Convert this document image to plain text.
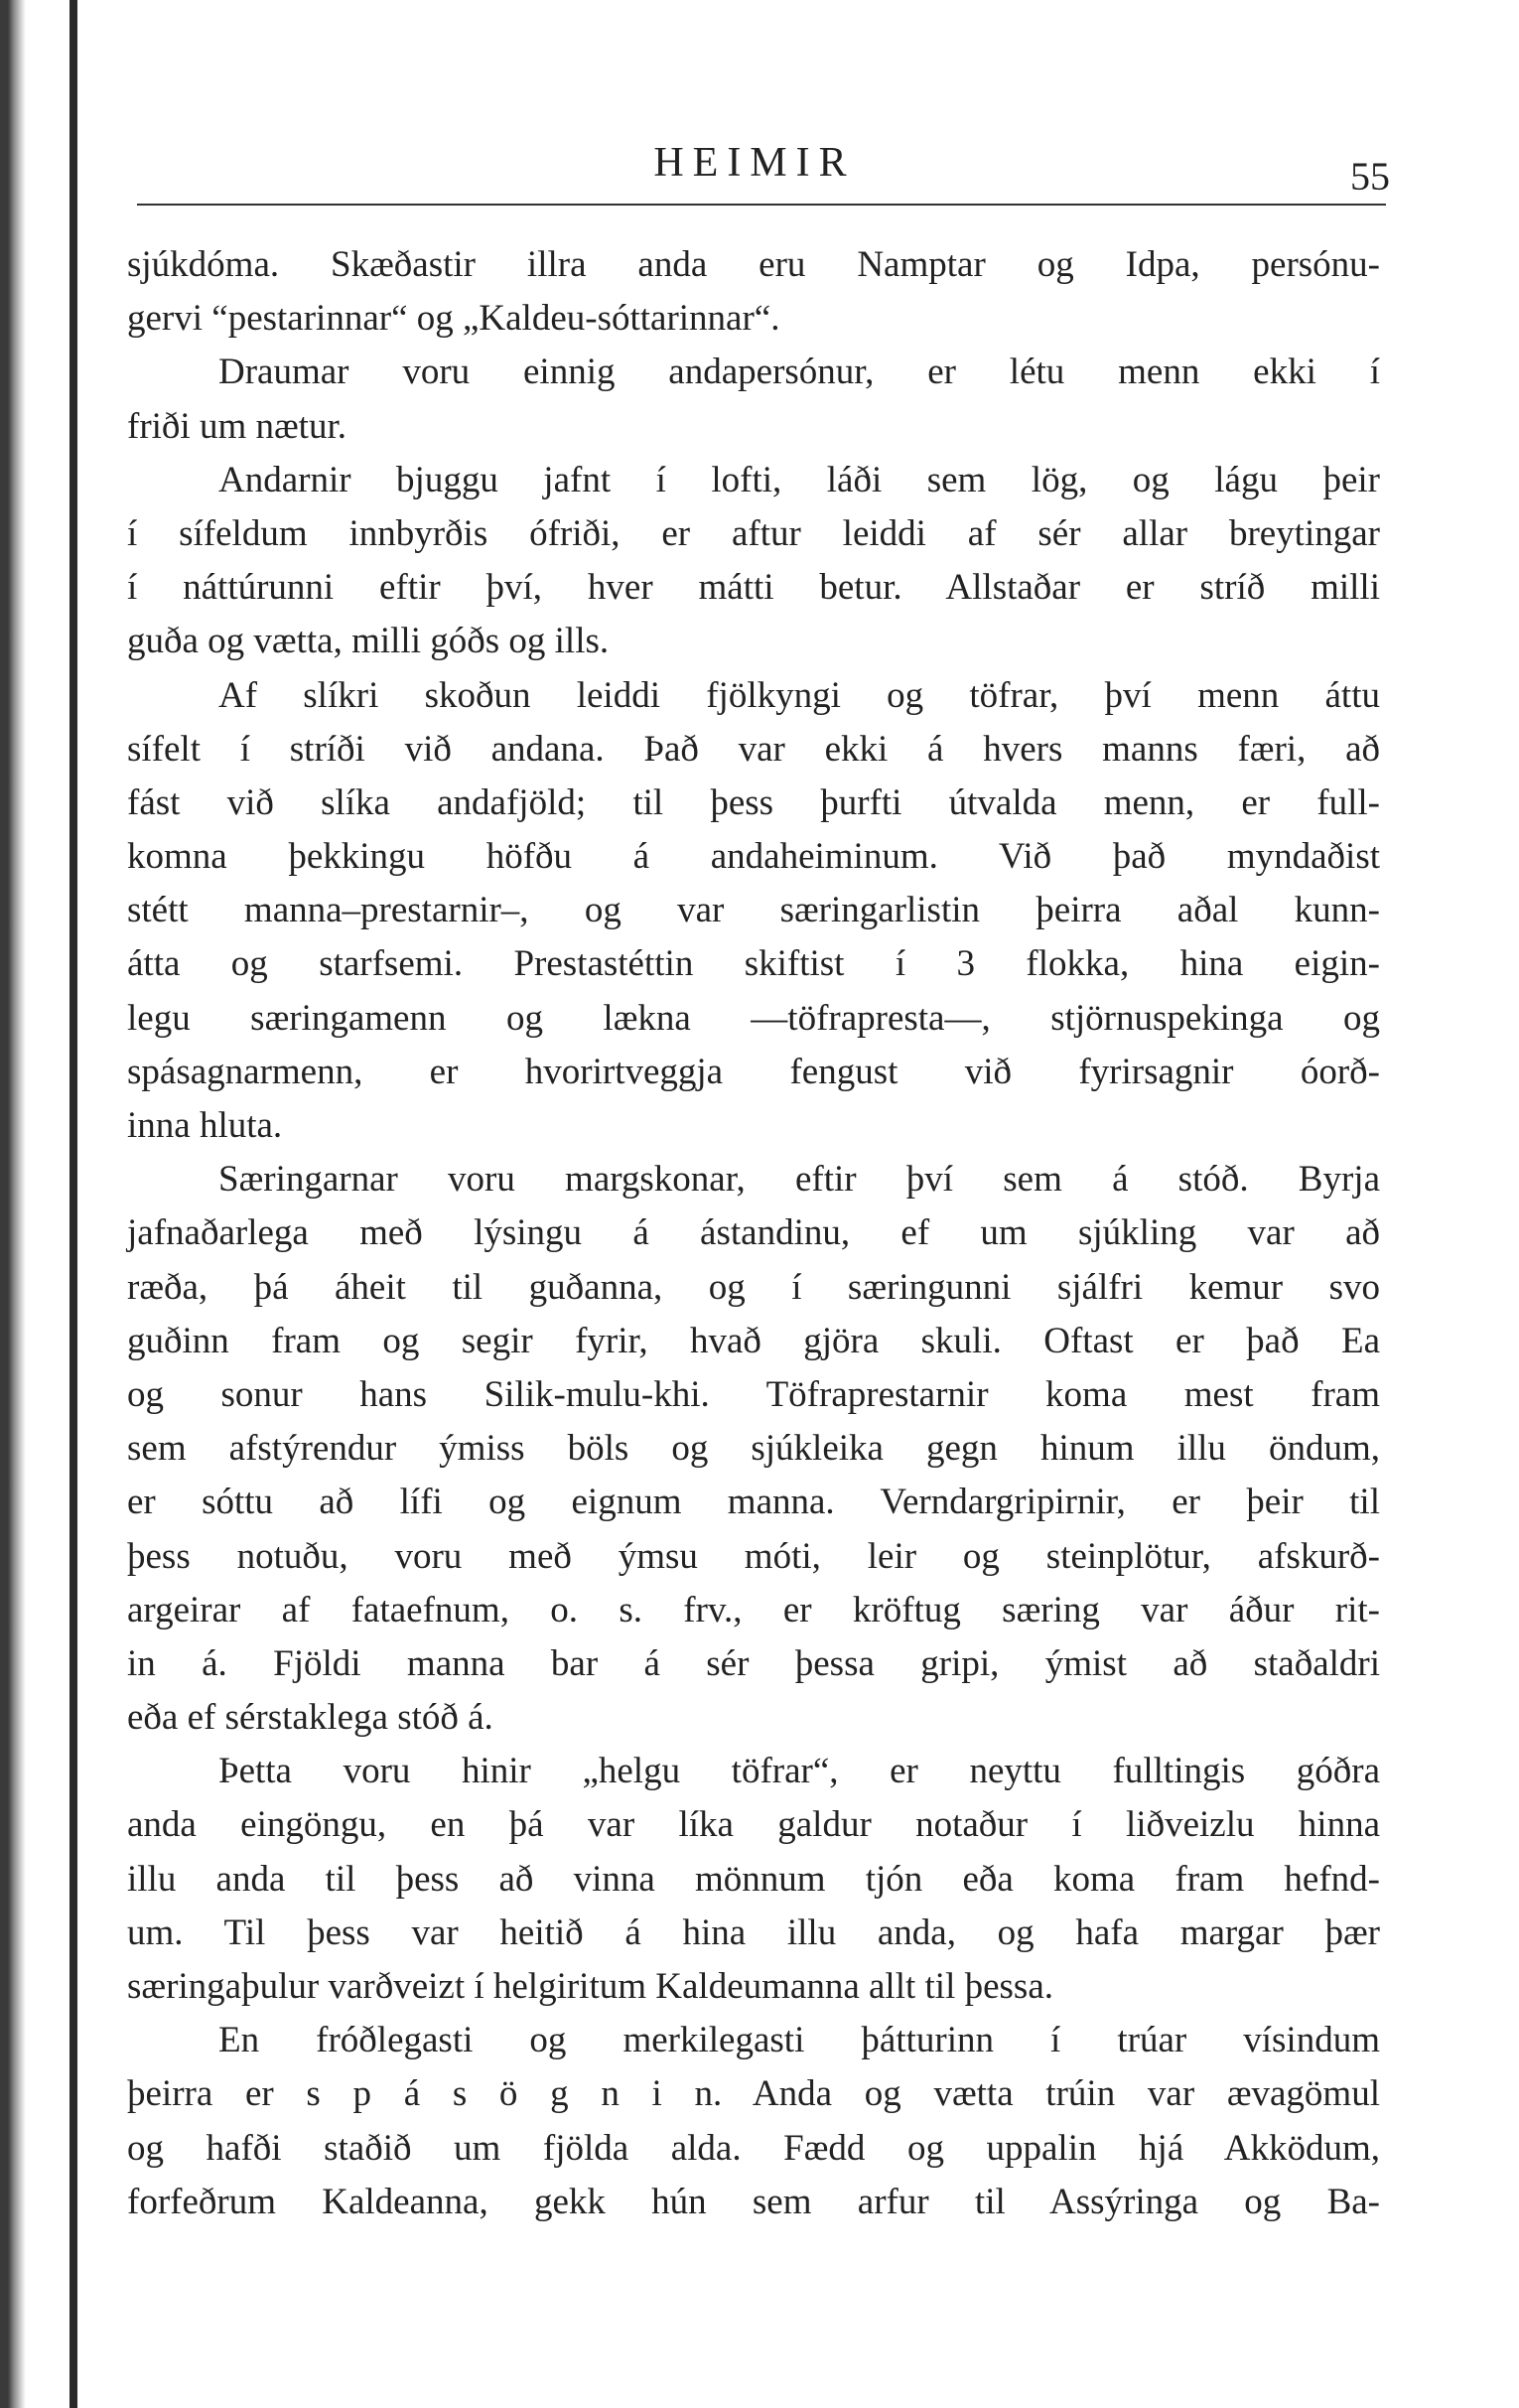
HEIMIR	55
sjúkdóma. Skæðastir illra anda eru Namptar og Idpa, persónu-
gervi “pestarinnar“ og „Kaldeu-sóttarinnar“.
Draumar voru einnig andapersónur, er létu menn ekki í
friði um nætur.
Andarnir bjuggu jafnt í lofti, láði sem lög, og lágu þeir
í sífeldum innbyrðis ófriði, er aftur leiddi af sér allar breytingar
í náttúrunni eftir því, hver mátti betur. Allstaðar er stríð milli
guða og vætta, milli góðs og ills.
Af slíkri skoðun leiddi fjölkyngi og töfrar, því menn áttu
sífelt í stríði við andana. Það var ekki á hvers manns færi, að
fást við slíka andafjöld; til þess þurfti útvalda menn, er full-
komna þekkingu höfðu á andaheiminum. Við það myndaðist
stétt manna–prestarnir–, og var særingarlistin þeirra aðal kunn-
átta og starfsemi. Prestastéttin skiftist í 3 flokka, hina eigin-
legu særingamenn og lækna —töfrapresta—, stjörnuspekinga og
spásagnarmenn, er hvorirtveggja fengust við fyrirsagnir óorð-
inna hluta.
Særingarnar voru margskonar, eftir því sem á stóð. Byrja
jafnaðarlega með lýsingu á ástandinu, ef um sjúkling var að
ræða, þá áheit til guðanna, og í særingunni sjálfri kemur svo
guðinn fram og segir fyrir, hvað gjöra skuli. Oftast er það Ea
og sonur hans Silik-mulu-khi. Töfraprestarnir koma mest fram
sem afstýrendur ýmiss böls og sjúkleika gegn hinum illu öndum,
er sóttu að lífi og eignum manna. Verndargripirnir, er þeir til
þess notuðu, voru með ýmsu móti, leir og steinplötur, afskurð-
argeirar af fataefnum, o. s. frv., er kröftug særing var áður rit-
in á. Fjöldi manna bar á sér þessa gripi, ýmist að staðaldri
eða ef sérstaklega stóð á.
Þetta voru hinir „helgu töfrar“, er neyttu fulltingis góðra
anda eingöngu, en þá var líka galdur notaður í liðveizlu hinna
illu anda til þess að vinna mönnum tjón eða koma fram hefnd-
um. Til þess var heitið á hina illu anda, og hafa margar þær
særingaþulur varðveizt í helgiritum Kaldeumanna allt til þessa.
En fróðlegasti og merkilegasti þátturinn í trúar vísindum
þeirra er s p á s ö g n i n. Anda og vætta trúin var ævagömul
og hafði staðið um fjölda alda. Fædd og uppalin hjá Akködum,
forfeðrum Kaldeanna, gekk hún sem arfur til Assýringa og Ba-
